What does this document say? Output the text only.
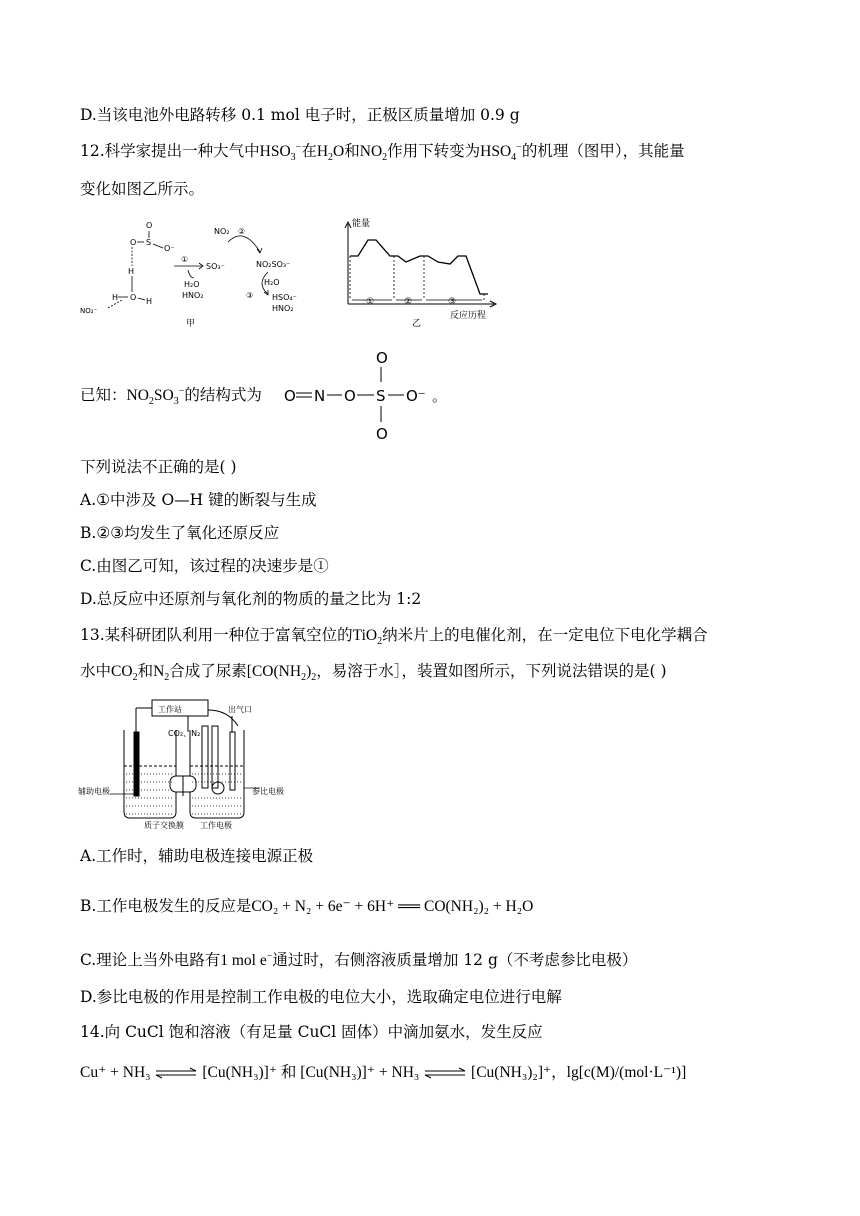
D.当该电池外电路转移 0.1 mol 电子时，正极区质量增加 0.9 g
12.科学家提出一种大气中$HSO_3^-$在$H_2O$和$NO_2$作用下转变为$HSO_4^-$的机理（图甲），其能量
变化如图乙所示。
O
O S
O⁻
H
H O H
NO₂⁻
①
SO₃⁻
H₂O
HNO₂
NO₂ ②
NO₂SO₃⁻
③
H₂O
HSO₄⁻
HNO₂
甲
能量
①	②	③
反应历程
乙
已知：$NO_2SO_3^-$的结构式为
O
O N O S O⁻
O
。
下列说法不正确的是( )
A.①中涉及 O—H 键的断裂与生成
B.②③均发生了氧化还原反应
C.由图乙可知，该过程的决速步是①
D.总反应中还原剂与氧化剂的物质的量之比为 1:2
13.某科研团队利用一种位于富氧空位的TiO$_2$纳米片上的电催化剂，在一定电位下电化学耦合
水中$CO_2$和$N_2$合成了尿素[$CO(NH_2)_2$，易溶于水］，装置如图所示，下列说法错误的是( )
工作站
CO₂、N₂
出气口
辅助电极	参比电极
质子交换膜 工作电极
A.工作时，辅助电极连接电源正极
B.工作电极发生的反应是CO₂ + N₂ + 6e⁻ + 6H⁺ ══ CO(NH₂)₂ + H₂O
C.理论上当外电路有1 mol e−通过时，右侧溶液质量增加 12 g（不考虑参比电极）
D.参比电极的作用是控制工作电极的电位大小，选取确定电位进行电解
14.向 CuCl 饱和溶液（有足量 CuCl 固体）中滴加氨水，发生反应
Cu⁺ + NH₃ ⇌ [Cu(NH₃)]⁺ 和 [Cu(NH₃)]⁺ + NH₃ ⇌ [Cu(NH₃)₂]⁺，lg[c(M)/(mol·L⁻¹)]
